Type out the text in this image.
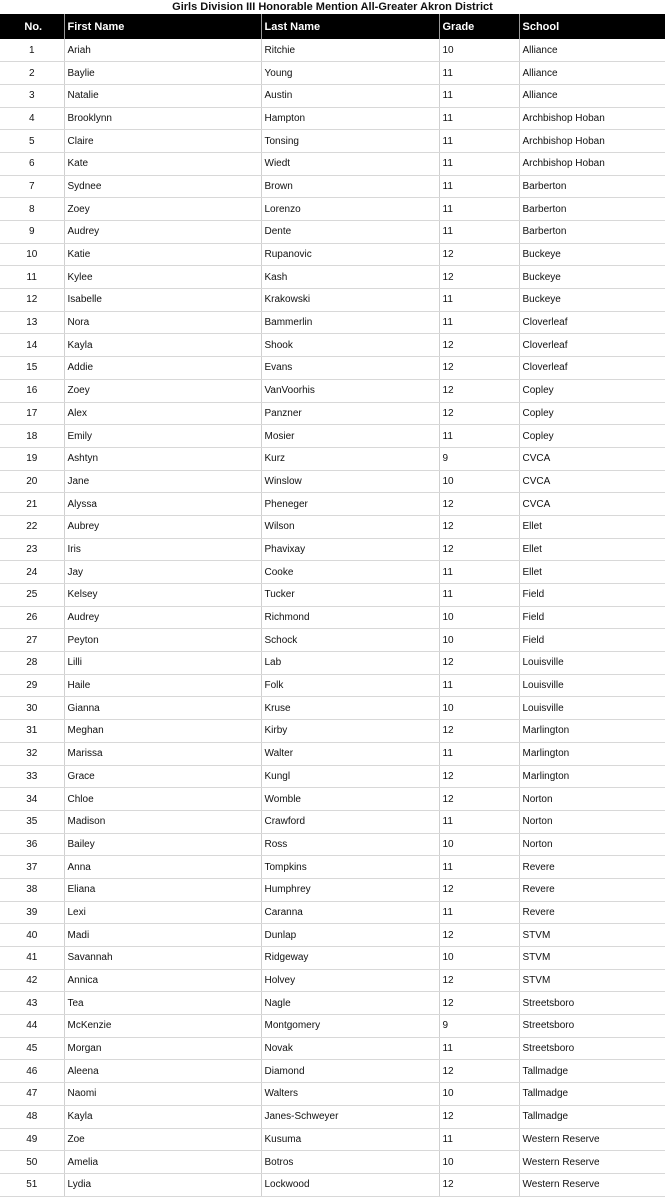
Girls Division III Honorable Mention All-Greater Akron District
No.	First Name	Last Name	Grade	School
1	Ariah	Ritchie	10	Alliance
2	Baylie	Young	11	Alliance
3	Natalie	Austin	11	Alliance
4	Brooklynn	Hampton	11	Archbishop Hoban
5	Claire	Tonsing	11	Archbishop Hoban
6	Kate	Wiedt	11	Archbishop Hoban
7	Sydnee	Brown	11	Barberton
8	Zoey	Lorenzo	11	Barberton
9	Audrey	Dente	11	Barberton
10	Katie	Rupanovic	12	Buckeye
11	Kylee	Kash	12	Buckeye
12	Isabelle	Krakowski	11	Buckeye
13	Nora	Bammerlin	11	Cloverleaf
14	Kayla	Shook	12	Cloverleaf
15	Addie	Evans	12	Cloverleaf
16	Zoey	VanVoorhis	12	Copley
17	Alex	Panzner	12	Copley
18	Emily	Mosier	11	Copley
19	Ashtyn	Kurz	9	CVCA
20	Jane	Winslow	10	CVCA
21	Alyssa	Pheneger	12	CVCA
22	Aubrey	Wilson	12	Ellet
23	Iris	Phavixay	12	Ellet
24	Jay	Cooke	11	Ellet
25	Kelsey	Tucker	11	Field
26	Audrey	Richmond	10	Field
27	Peyton	Schock	10	Field
28	Lilli	Lab	12	Louisville
29	Haile	Folk	11	Louisville
30	Gianna	Kruse	10	Louisville
31	Meghan	Kirby	12	Marlington
32	Marissa	Walter	11	Marlington
33	Grace	Kungl	12	Marlington
34	Chloe	Womble	12	Norton
35	Madison	Crawford	11	Norton
36	Bailey	Ross	10	Norton
37	Anna	Tompkins	11	Revere
38	Eliana	Humphrey	12	Revere
39	Lexi	Caranna	11	Revere
40	Madi	Dunlap	12	STVM
41	Savannah	Ridgeway	10	STVM
42	Annica	Holvey	12	STVM
43	Tea	Nagle	12	Streetsboro
44	McKenzie	Montgomery	9	Streetsboro
45	Morgan	Novak	11	Streetsboro
46	Aleena	Diamond	12	Tallmadge
47	Naomi	Walters	10	Tallmadge
48	Kayla	Janes-Schweyer	12	Tallmadge
49	Zoe	Kusuma	11	Western Reserve
50	Amelia	Botros	10	Western Reserve
51	Lydia	Lockwood	12	Western Reserve
